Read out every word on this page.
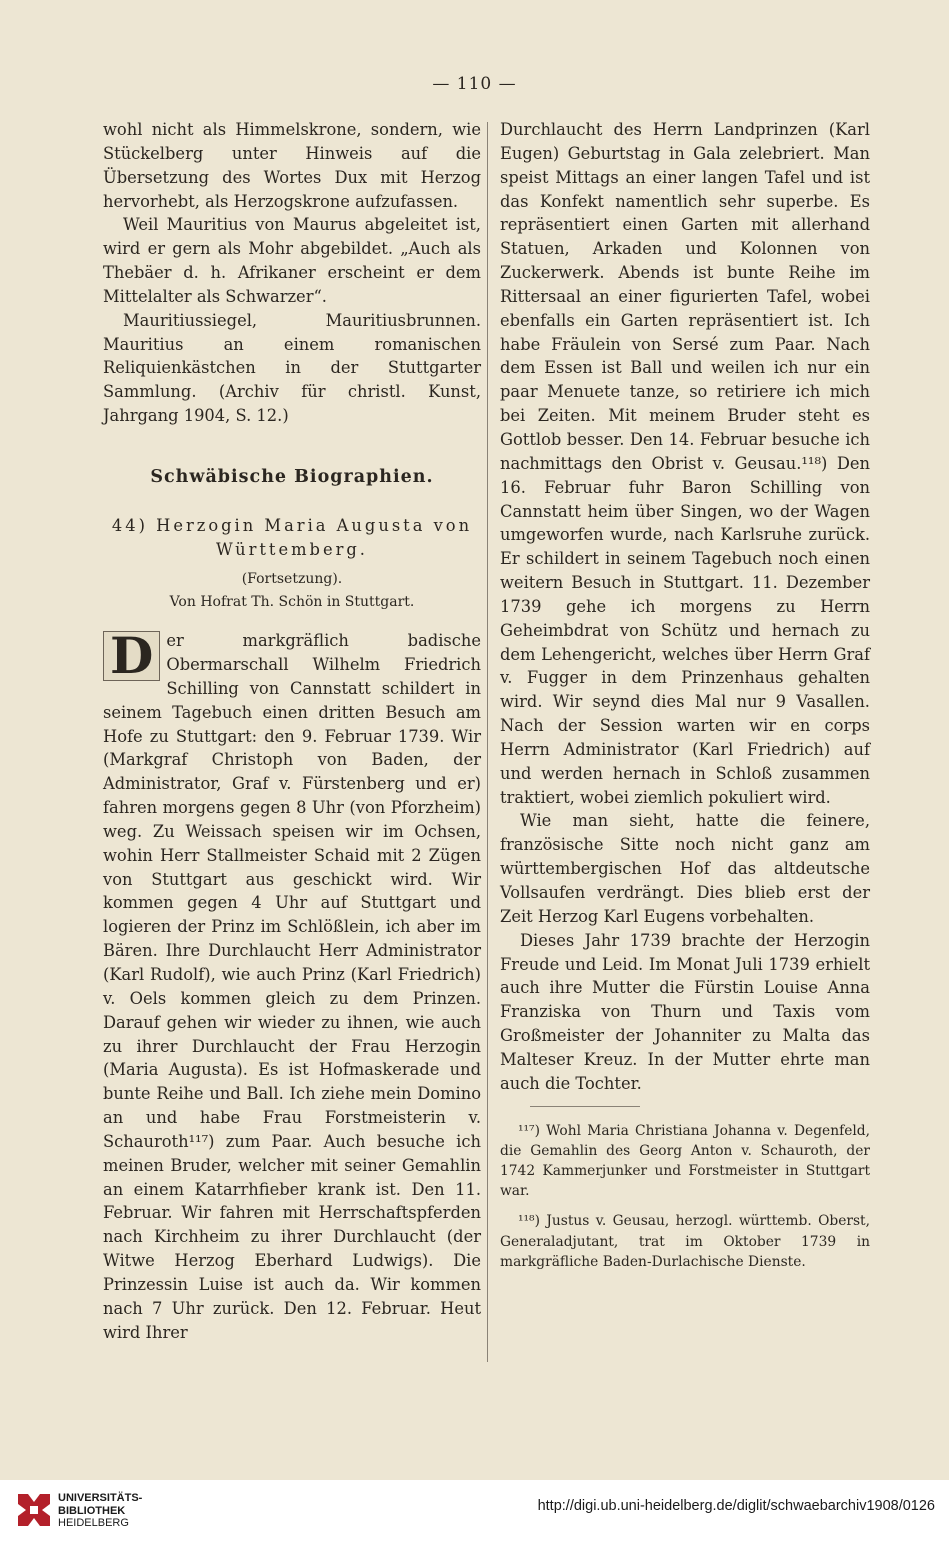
— 110 —

wohl nicht als Himmelskrone, sondern, wie Stückelberg unter Hinweis auf die Übersetzung des Wortes Dux mit Herzog hervorhebt, als Herzogskrone aufzufassen.

Weil Mauritius von Maurus abgeleitet ist, wird er gern als Mohr abgebildet. „Auch als Thebäer d. h. Afrikaner erscheint er dem Mittelalter als Schwarzer“.

Mauritiussiegel, Mauritiusbrunnen. Mauritius an einem romanischen Reliquienkästchen in der Stuttgarter Sammlung. (Archiv für christl. Kunst, Jahrgang 1904, S. 12.)

Schwäbische Biographien.

44) Herzogin Maria Augusta von Württemberg.

(Fortsetzung).

Von Hofrat Th. Schön in Stuttgart.

D er markgräflich badische Obermarschall Wilhelm Friedrich Schilling von Cannstatt schildert in seinem Tagebuch einen dritten Besuch am Hofe zu Stuttgart: den 9. Februar 1739. Wir (Markgraf Christoph von Baden, der Administrator, Graf v. Fürstenberg und er) fahren morgens gegen 8 Uhr (von Pforzheim) weg. Zu Weissach speisen wir im Ochsen, wohin Herr Stallmeister Schaid mit 2 Zügen von Stuttgart aus geschickt wird. Wir kommen gegen 4 Uhr auf Stuttgart und logieren der Prinz im Schlößlein, ich aber im Bären. Ihre Durchlaucht Herr Administrator (Karl Rudolf), wie auch Prinz (Karl Friedrich) v. Oels kommen gleich zu dem Prinzen. Darauf gehen wir wieder zu ihnen, wie auch zu ihrer Durchlaucht der Frau Herzogin (Maria Augusta). Es ist Hofmaskerade und bunte Reihe und Ball. Ich ziehe mein Domino an und habe Frau Forstmeisterin v. Schauroth¹¹⁷) zum Paar. Auch besuche ich meinen Bruder, welcher mit seiner Gemahlin an einem Katarrhfieber krank ist. Den 11. Februar. Wir fahren mit Herrschaftspferden nach Kirchheim zu ihrer Durchlaucht (der Witwe Herzog Eberhard Ludwigs). Die Prinzessin Luise ist auch da. Wir kommen nach 7 Uhr zurück. Den 12. Februar. Heut wird Ihrer

Durchlaucht des Herrn Landprinzen (Karl Eugen) Geburtstag in Gala zelebriert. Man speist Mittags an einer langen Tafel und ist das Konfekt namentlich sehr superbe. Es repräsentiert einen Garten mit allerhand Statuen, Arkaden und Kolonnen von Zuckerwerk. Abends ist bunte Reihe im Rittersaal an einer figurierten Tafel, wobei ebenfalls ein Garten repräsentiert ist. Ich habe Fräulein von Sersé zum Paar. Nach dem Essen ist Ball und weilen ich nur ein paar Menuete tanze, so retiriere ich mich bei Zeiten. Mit meinem Bruder steht es Gottlob besser. Den 14. Februar besuche ich nachmittags den Obrist v. Geusau.¹¹⁸) Den 16. Februar fuhr Baron Schilling von Cannstatt heim über Singen, wo der Wagen umgeworfen wurde, nach Karlsruhe zurück. Er schildert in seinem Tagebuch noch einen weitern Besuch in Stuttgart. 11. Dezember 1739 gehe ich morgens zu Herrn Geheimbdrat von Schütz und hernach zu dem Lehengericht, welches über Herrn Graf v. Fugger in dem Prinzenhaus gehalten wird. Wir seynd dies Mal nur 9 Vasallen. Nach der Session warten wir en corps Herrn Administrator (Karl Friedrich) auf und werden hernach in Schloß zusammen traktiert, wobei ziemlich pokuliert wird.

Wie man sieht, hatte die feinere, französische Sitte noch nicht ganz am württembergischen Hof das altdeutsche Vollsaufen verdrängt. Dies blieb erst der Zeit Herzog Karl Eugens vorbehalten.

Dieses Jahr 1739 brachte der Herzogin Freude und Leid. Im Monat Juli 1739 erhielt auch ihre Mutter die Fürstin Louise Anna Franziska von Thurn und Taxis vom Großmeister der Johanniter zu Malta das Malteser Kreuz. In der Mutter ehrte man auch die Tochter.

¹¹⁷) Wohl Maria Christiana Johanna v. Degenfeld, die Gemahlin des Georg Anton v. Schauroth, der 1742 Kammerjunker und Forstmeister in Stuttgart war.

¹¹⁸) Justus v. Geusau, herzogl. württemb. Oberst, Generaladjutant, trat im Oktober 1739 in markgräfliche Baden-Durlachische Dienste.

UNIVERSITÄTS-
BIBLIOTHEK
HEIDELBERG
http://digi.ub.uni-heidelberg.de/diglit/schwaebarchiv1908/0126
